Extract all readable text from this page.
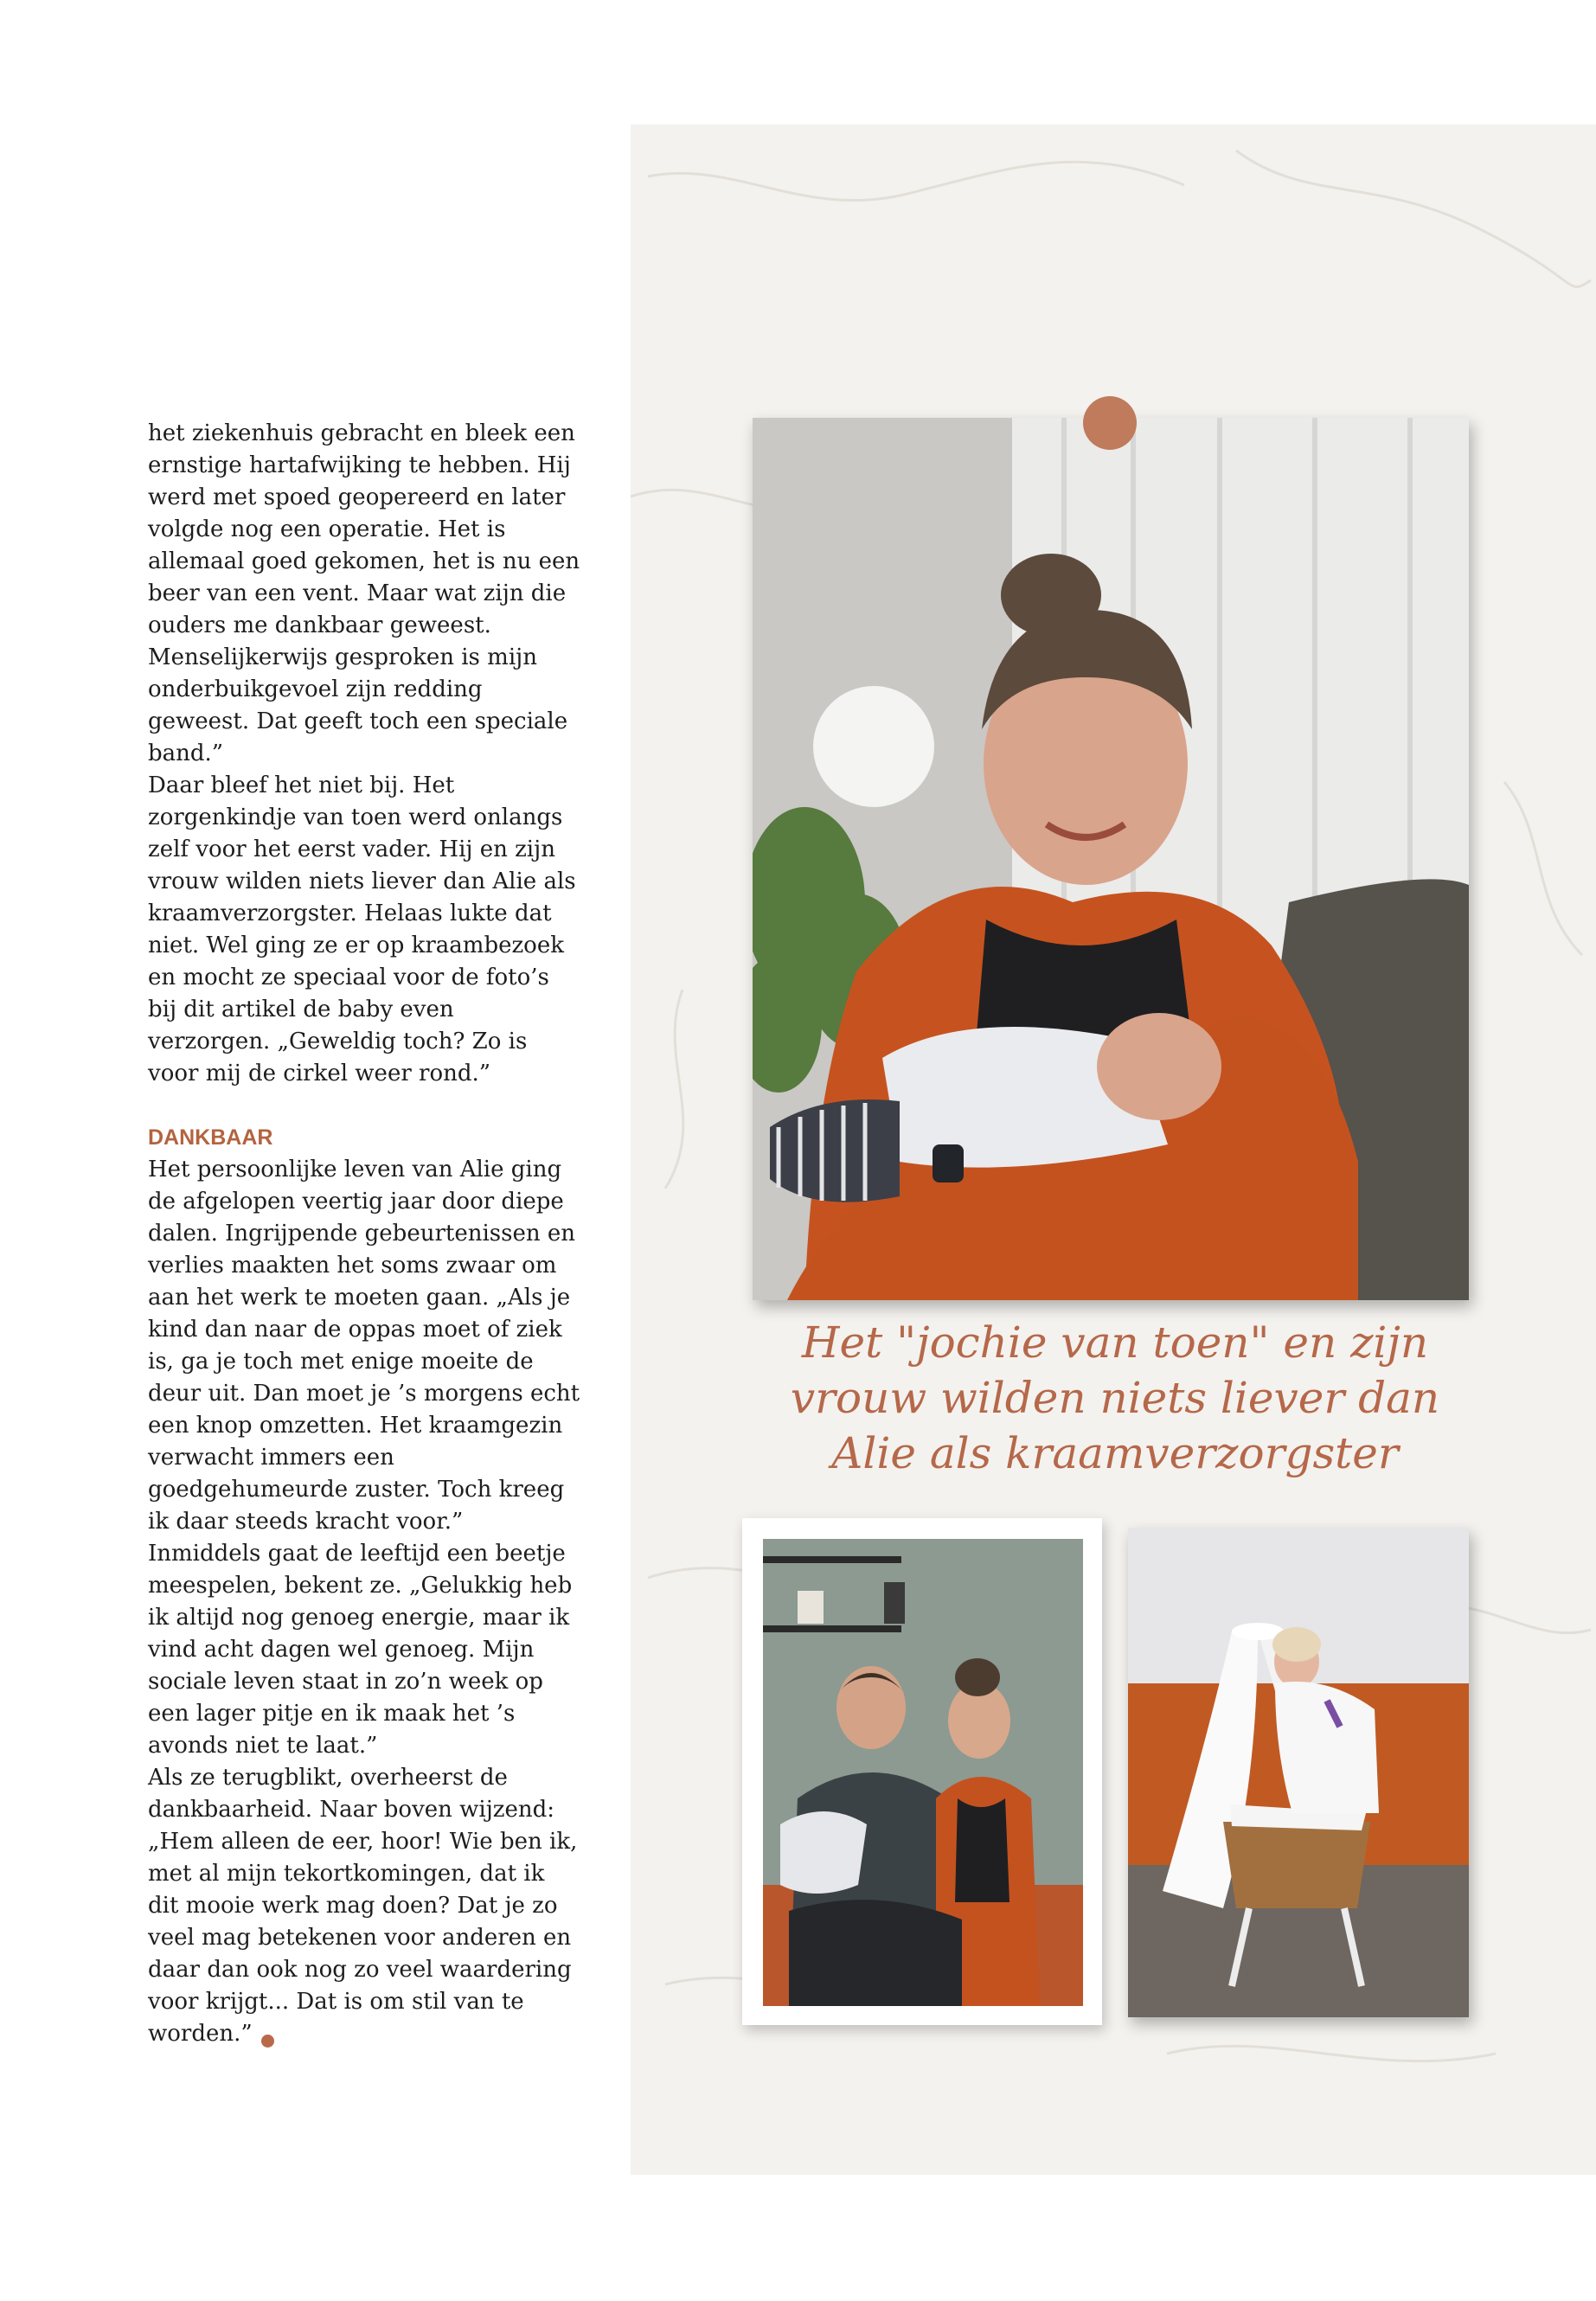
het ziekenhuis gebracht en bleek een ernstige hartafwijking te hebben. Hij werd met spoed geopereerd en later volgde nog een operatie. Het is allemaal goed gekomen, het is nu een beer van een vent. Maar wat zijn die ouders me dankbaar geweest. Menselijkerwijs gesproken is mijn onderbuikgevoel zijn redding geweest. Dat geeft toch een speciale band.”

Daar bleef het niet bij. Het zorgenkindje van toen werd onlangs zelf voor het eerst vader. Hij en zijn vrouw wilden niets liever dan Alie als kraamverzorgster. Helaas lukte dat niet. Wel ging ze er op kraambezoek en mocht ze speciaal voor de foto’s bij dit artikel de baby even verzorgen. „Geweldig toch? Zo is voor mij de cirkel weer rond.”

DANKBAAR

Het persoonlijke leven van Alie ging de afgelopen veertig jaar door diepe dalen. Ingrijpende gebeurtenissen en verlies maakten het soms zwaar om aan het werk te moeten gaan. „Als je kind dan naar de oppas moet of ziek is, ga je toch met enige moeite de deur uit. Dan moet je ’s morgens echt een knop omzetten. Het kraamgezin verwacht immers een goedgehumeurde zuster. Toch kreeg ik daar steeds kracht voor.”

Inmiddels gaat de leeftijd een beetje meespelen, bekent ze. „Gelukkig heb ik altijd nog genoeg energie, maar ik vind acht dagen wel genoeg. Mijn sociale leven staat in zo’n week op een lager pitje en ik maak het ’s avonds niet te laat.”

Als ze terugblikt, overheerst de dankbaarheid. Naar boven wijzend: „Hem alleen de eer, hoor! Wie ben ik, met al mijn tekortkomingen, dat ik dit mooie werk mag doen? Dat je zo veel mag betekenen voor anderen en daar dan ook nog zo veel waardering voor krijgt... Dat is om stil van te worden.”

Het "jochie van toen" en zijn
vrouw wilden niets liever dan
Alie als kraamverzorgster
